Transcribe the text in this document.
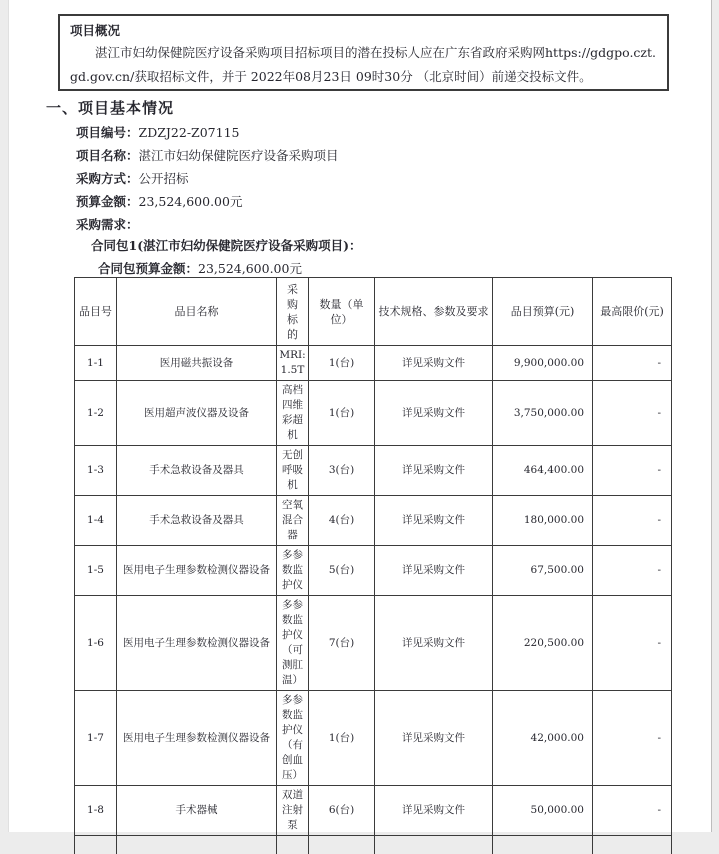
项目概况

湛江市妇幼保健院医疗设备采购项目招标项目的潜在投标人应在广东省政府采购网https://gdgpo.czt.gd.gov.cn/获取招标文件，并于 2022年08月23日 09时30分 （北京时间）前递交投标文件。

一、项目基本情况
项目编号：ZDZJ22-Z07115
项目名称：湛江市妇幼保健院医疗设备采购项目
采购方式：公开招标
预算金额：23,524,600.00元
采购需求：
合同包1(湛江市妇幼保健院医疗设备采购项目)：
合同包预算金额：23,524,600.00元
品目号	品目名称	采购标的	数量（单位）	技术规格、参数及要求	品目预算(元)	最高限价(元)
1-1	医用磁共振设备	MRI: 1.5T	1(台)	详见采购文件	9,900,000.00	-
1-2	医用超声波仪器及设备	高档四维彩超机	1(台)	详见采购文件	3,750,000.00	-
1-3	手术急救设备及器具	无创呼吸机	3(台)	详见采购文件	464,400.00	-
1-4	手术急救设备及器具	空氧混合器	4(台)	详见采购文件	180,000.00	-
1-5	医用电子生理参数检测仪器设备	多参数监护仪	5(台)	详见采购文件	67,500.00	-
1-6	医用电子生理参数检测仪器设备	多参数监护仪（可测肛温）	7(台)	详见采购文件	220,500.00	-
1-7	医用电子生理参数检测仪器设备	多参数监护仪（有创血压）	1(台)	详见采购文件	42,000.00	-
1-8	手术器械	双道注射泵	6(台)	详见采购文件	50,000.00	-
